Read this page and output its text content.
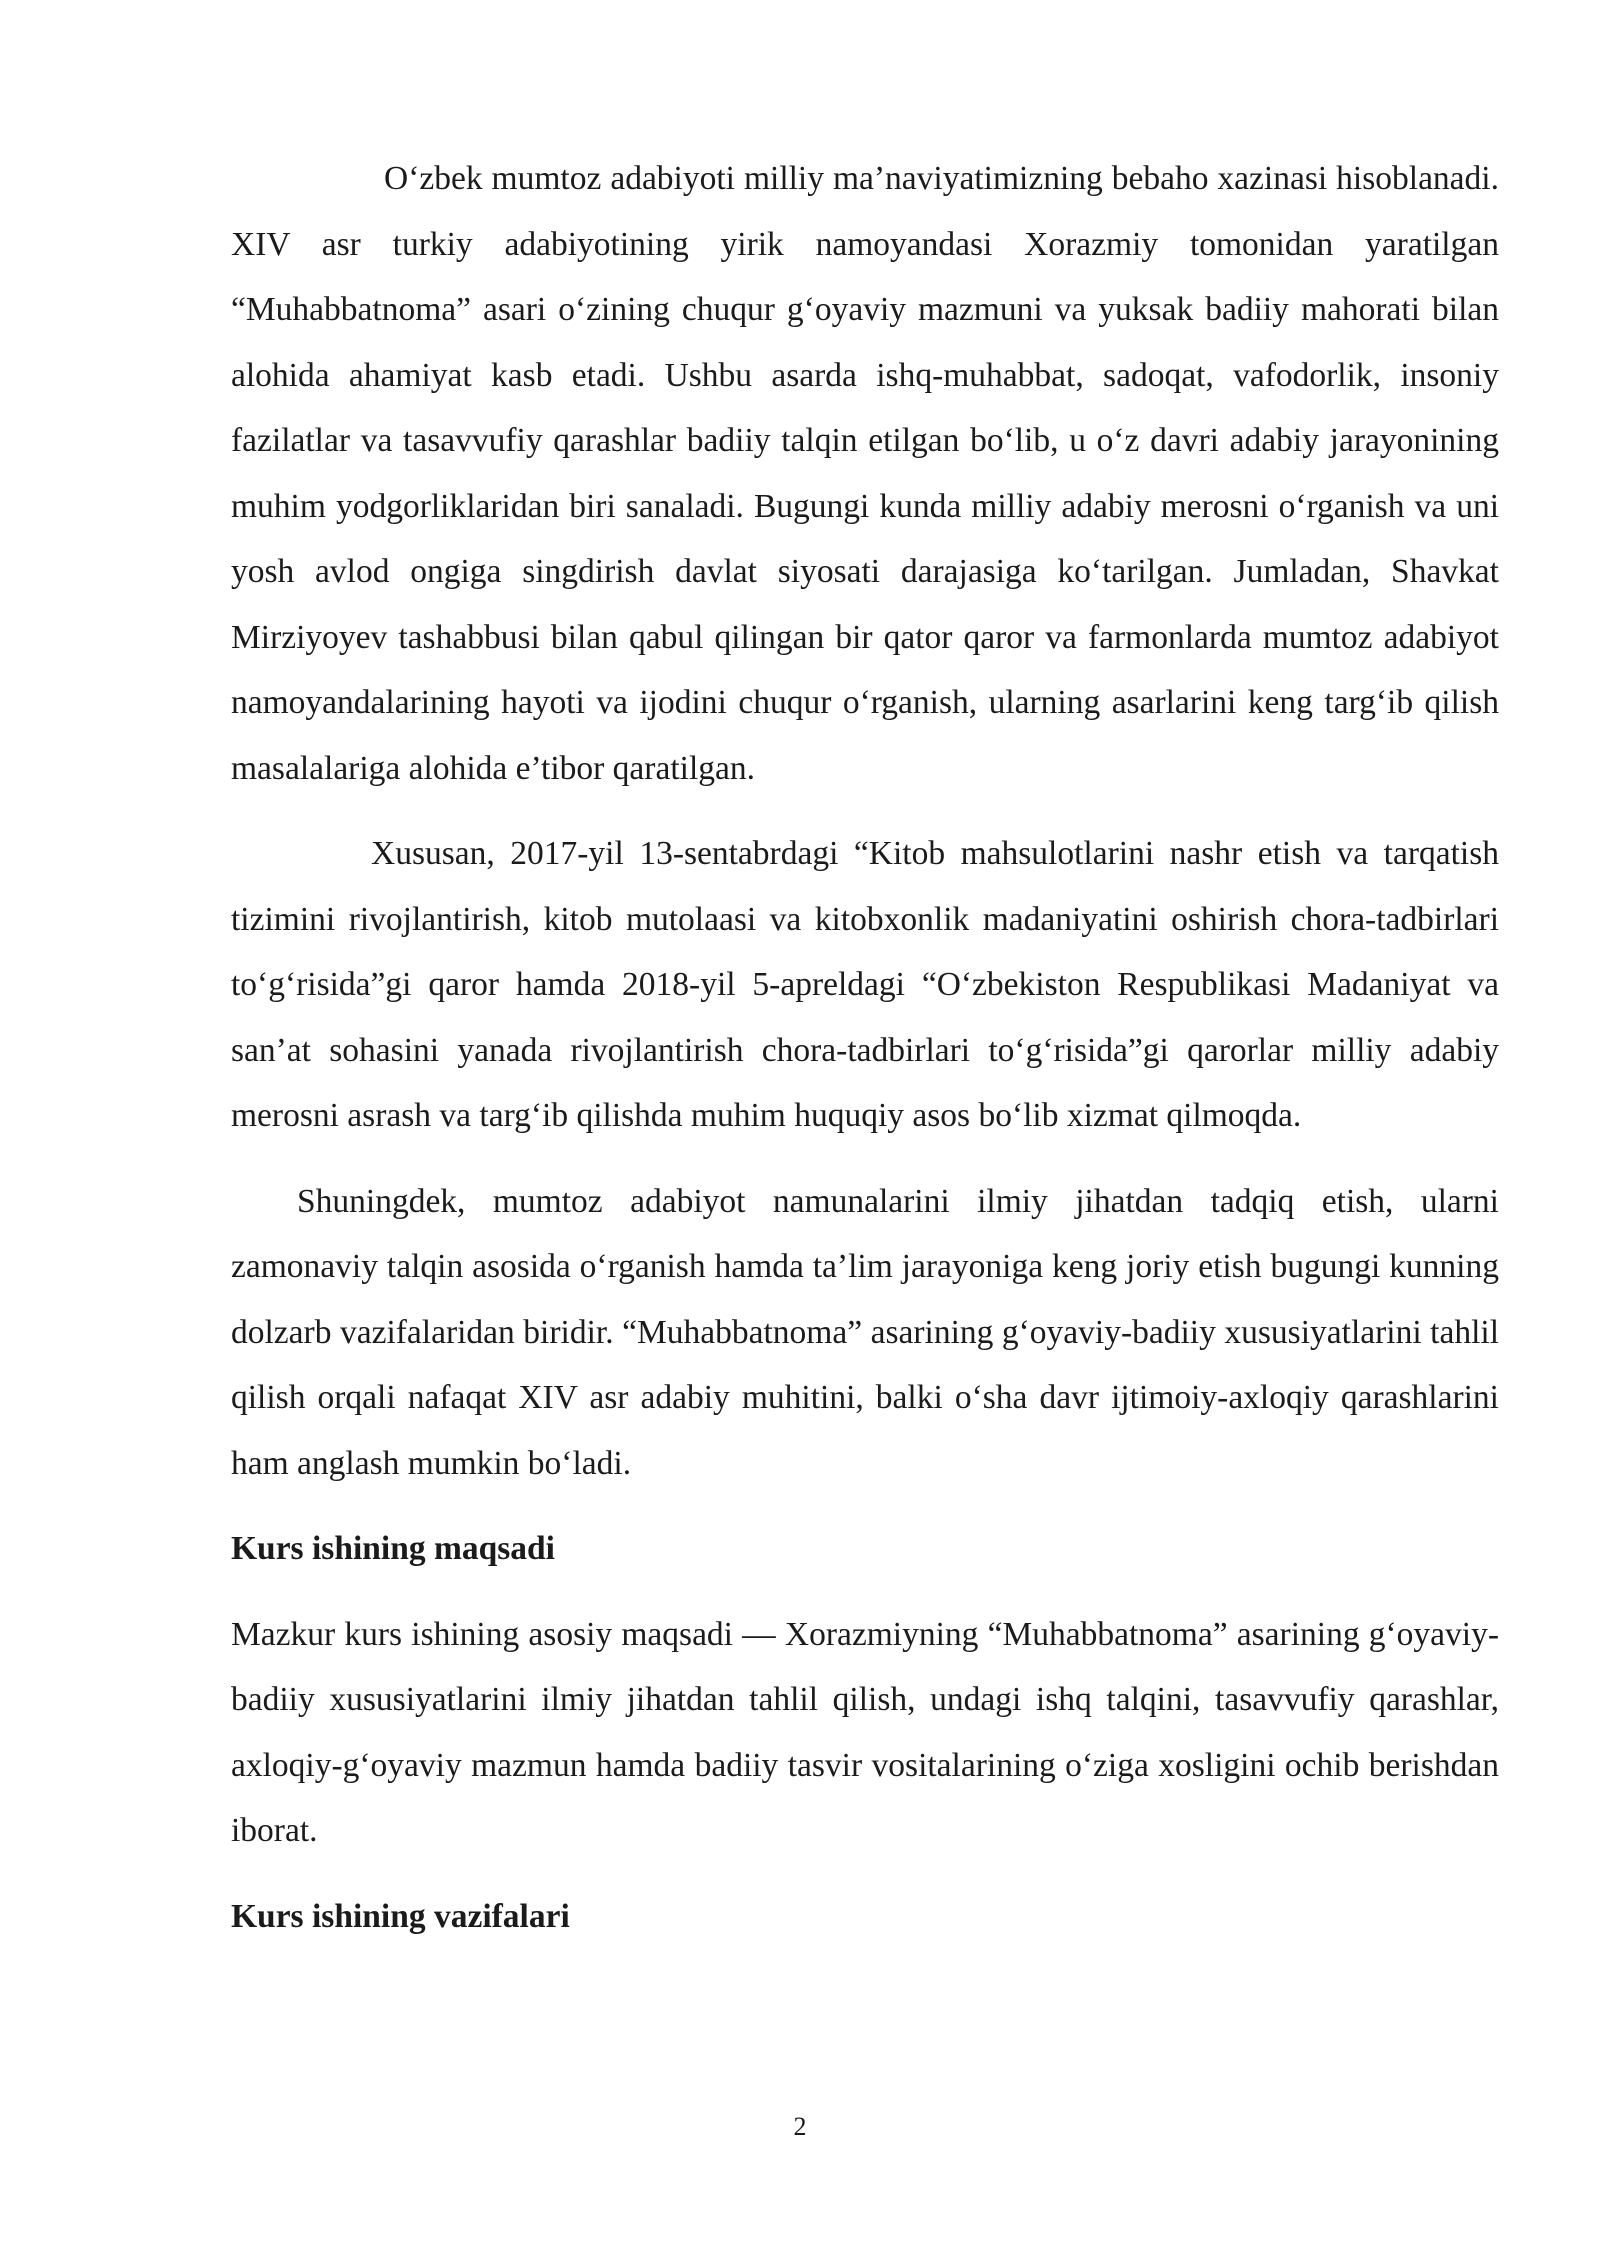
O‘zbek mumtoz adabiyoti milliy ma’naviyatimizning bebaho xazinasi hisoblanadi. XIV asr turkiy adabiyotining yirik namoyandasi Xorazmiy tomonidan yaratilgan “Muhabbatnoma” asari o‘zining chuqur g‘oyaviy mazmuni va yuksak badiiy mahorati bilan alohida ahamiyat kasb etadi. Ushbu asarda ishq-muhabbat, sadoqat, vafodorlik, insoniy fazilatlar va tasavvufiy qarashlar badiiy talqin etilgan bo‘lib, u o‘z davri adabiy jarayonining muhim yodgorliklaridan biri sanaladi. Bugungi kunda milliy adabiy merosni o‘rganish va uni yosh avlod ongiga singdirish davlat siyosati darajasiga ko‘tarilgan. Jumladan, Shavkat Mirziyoyev tashabbusi bilan qabul qilingan bir qator qaror va farmonlarda mumtoz adabiyot namoyandalarining hayoti va ijodini chuqur o‘rganish, ularning asarlarini keng targ‘ib qilish masalalariga alohida e’tibor qaratilgan.

Xususan, 2017-yil 13-sentabrdagi “Kitob mahsulotlarini nashr etish va tarqatish tizimini rivojlantirish, kitob mutolaasi va kitobxonlik madaniyatini oshirish chora-tadbirlari to‘g‘risida”gi qaror hamda 2018-yil 5-apreldagi “O‘zbekiston Respublikasi Madaniyat va san’at sohasini yanada rivojlantirish chora-tadbirlari to‘g‘risida”gi qarorlar milliy adabiy merosni asrash va targ‘ib qilishda muhim huquqiy asos bo‘lib xizmat qilmoqda.

Shuningdek, mumtoz adabiyot namunalarini ilmiy jihatdan tadqiq etish, ularni zamonaviy talqin asosida o‘rganish hamda ta’lim jarayoniga keng joriy etish bugungi kunning dolzarb vazifalaridan biridir. “Muhabbatnoma” asarining g‘oyaviy-badiiy xususiyatlarini tahlil qilish orqali nafaqat XIV asr adabiy muhitini, balki o‘sha davr ijtimoiy-axloqiy qarashlarini ham anglash mumkin bo‘ladi.

Kurs ishining maqsadi

Mazkur kurs ishining asosiy maqsadi — Xorazmiyning “Muhabbatnoma” asarining g‘oyaviy-badiiy xususiyatlarini ilmiy jihatdan tahlil qilish, undagi ishq talqini, tasavvufiy qarashlar, axloqiy-g‘oyaviy mazmun hamda badiiy tasvir vositalarining o‘ziga xosligini ochib berishdan iborat.

Kurs ishining vazifalari

2
